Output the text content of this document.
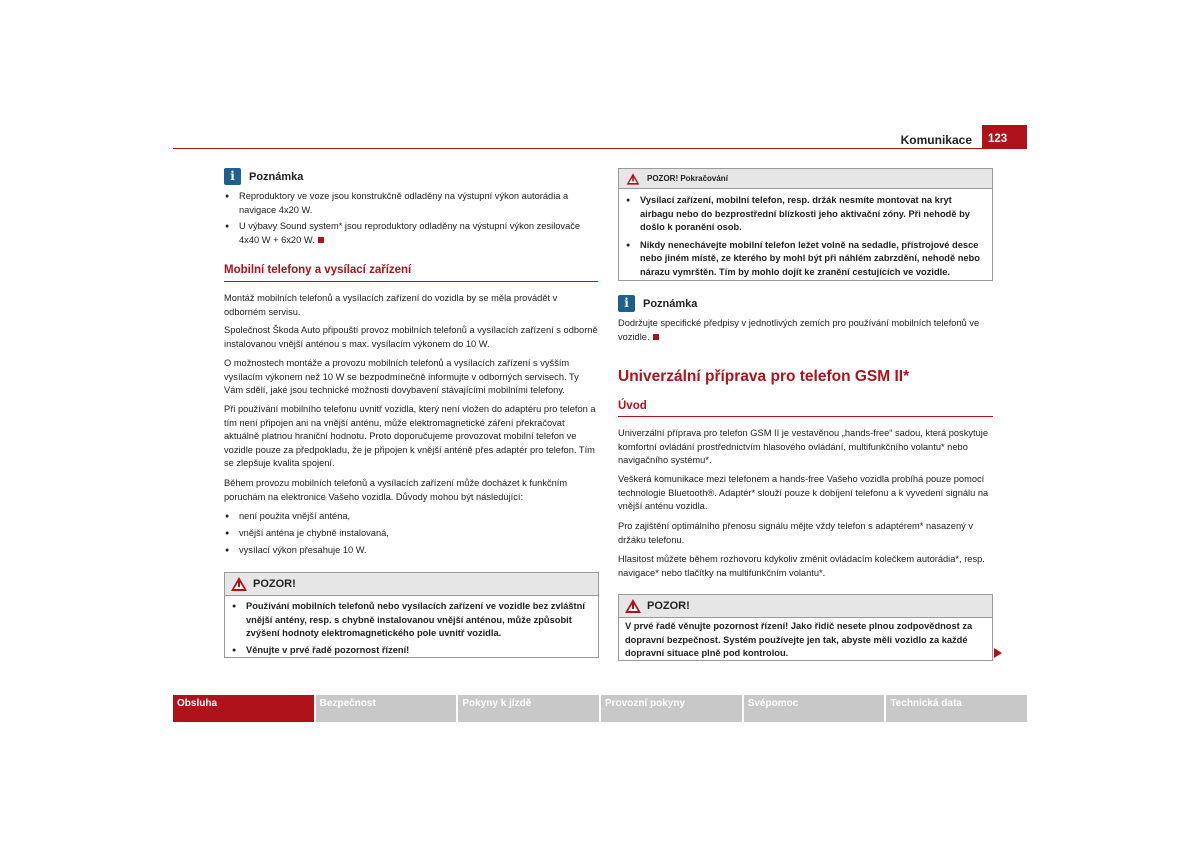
Komunikace	123
i	Poznámka
● Reproduktory ve voze jsou konstrukčně odladěny na výstupní výkon autorádia a navigace 4x20 W.
● U výbavy Sound system* jsou reproduktory odladěny na výstupní výkon zesilovače 4x40 W + 6x20 W.
Mobilní telefony a vysílací zařízení
Montáž mobilních telefonů a vysílacích zařízení do vozidla by se měla provádět v odborném servisu.
Společnost Škoda Auto připouští provoz mobilních telefonů a vysílacích zařízení s odborně instalovanou vnější anténou s max. vysílacím výkonem do 10 W.
O možnostech montáže a provozu mobilních telefonů a vysílacích zařízení s vyšším vysílacím výkonem než 10 W se bezpodmínečně informujte v odborných servisech. Ty Vám sdělí, jaké jsou technické možnosti dovybavení stávajícími mobilními telefony.
Při používání mobilního telefonu uvnitř vozidla, který není vložen do adaptéru pro telefon a tím není připojen ani na vnější anténu, může elektromagnetické záření překračovat aktuálně platnou hraniční hodnotu. Proto doporučujeme provozovat mobilní telefon ve vozidle pouze za předpokladu, že je připojen k vnější anténě přes adaptér pro telefon. Tím se zlepšuje kvalita spojení.
Během provozu mobilních telefonů a vysílacích zařízení může docházet k funkčním poruchám na elektronice Vašeho vozidla. Důvody mohou být následující:
● není použita vnější anténa,
● vnější anténa je chybně instalovaná,
● vysílací výkon přesahuje 10 W.
POZOR!
● Používání mobilních telefonů nebo vysílacích zařízení ve vozidle bez zvláštní vnější antény, resp. s chybně instalovanou vnější anténou, může způsobit zvýšení hodnoty elektromagnetického pole uvnitř vozidla.
● Věnujte v prvé řadě pozornost řízení!
POZOR! Pokračování
● Vysílací zařízení, mobilní telefon, resp. držák nesmíte montovat na kryt airbagu nebo do bezprostřední blízkosti jeho aktivační zóny. Při nehodě by došlo k poranění osob.
● Nikdy nenechávejte mobilní telefon ležet volně na sedadle, přístrojové desce nebo jiném místě, ze kterého by mohl být při náhlém zabrzdění, nehodě nebo nárazu vymrštěn. Tím by mohlo dojít ke zranění cestujících ve vozidle.
i	Poznámka
Dodržujte specifické předpisy v jednotlivých zemích pro používání mobilních telefonů ve vozidle.
Univerzální příprava pro telefon GSM II*
Úvod
Univerzální příprava pro telefon GSM II je vestavěnou „hands-free“ sadou, která poskytuje komfortní ovládání prostřednictvím hlasového ovládání, multifunkčního volantu* nebo navigačního systému*.
Veškerá komunikace mezi telefonem a hands-free Vašeho vozidla probíhá pouze pomocí technologie Bluetooth®. Adaptér* slouží pouze k dobíjení telefonu a k vyvedení signálu na vnější anténu vozidla.
Pro zajištění optimálního přenosu signálu mějte vždy telefon s adaptérem* nasazený v držáku telefonu.
Hlasitost můžete během rozhovoru kdykoliv změnit ovládacím kolečkem autorádia*, resp. navigace* nebo tlačítky na multifunkčním volantu*.
POZOR!
V prvé řadě věnujte pozornost řízení! Jako řidič nesete plnou zodpovědnost za dopravní bezpečnost. Systém používejte jen tak, abyste měli vozidlo za každé dopravní situace plně pod kontrolou.
Obsluha	Bezpečnost	Pokyny k jízdě	Provozní pokyny	Svépomoc	Technická data
